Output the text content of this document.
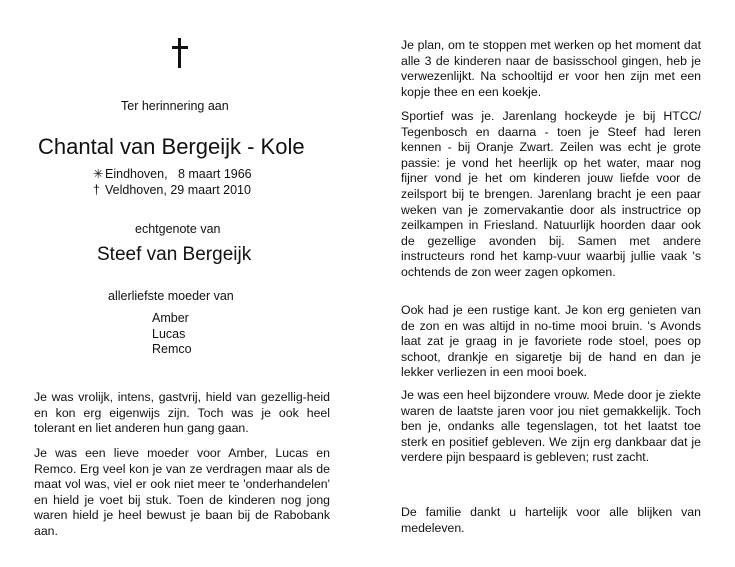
Ter herinnering aan
Chantal van Bergeijk - Kole
✳ Eindhoven,   8 maart 1966
† Veldhoven, 29 maart 2010
echtgenote van
Steef van Bergeijk
allerliefste moeder van
Amber
Lucas
Remco
Je was vrolijk, intens, gastvrij, hield van gezellig-heid en kon erg eigenwijs zijn. Toch was je ook heel tolerant en liet anderen hun gang gaan.
Je was een lieve moeder voor Amber, Lucas en Remco. Erg veel kon je van ze verdragen maar als de maat vol was, viel er ook niet meer te 'onderhandelen' en hield je voet bij stuk. Toen de kinderen nog jong waren hield je heel bewust je baan bij de Rabobank aan.
Je plan, om te stoppen met werken op het moment dat alle 3 de kinderen naar de basisschool gingen, heb je verwezenlijkt. Na schooltijd er voor hen zijn met een kopje thee en een koekje.
Sportief was je. Jarenlang hockeyde je bij HTCC/ Tegenbosch en daarna - toen je Steef had leren kennen - bij Oranje Zwart. Zeilen was echt je grote passie: je vond het heerlijk op het water, maar nog fijner vond je het om kinderen jouw liefde voor de zeilsport bij te brengen. Jarenlang bracht je een paar weken van je zomervakantie door als instructrice op zeilkampen in Friesland. Natuurlijk hoorden daar ook de gezellige avonden bij. Samen met andere instructeurs rond het kamp-vuur waarbij jullie vaak 's ochtends de zon weer zagen opkomen.
Ook had je een rustige kant. Je kon erg genieten van de zon en was altijd in no-time mooi bruin. 's Avonds laat zat je graag in je favoriete rode stoel, poes op schoot, drankje en sigaretje bij de hand en dan je lekker verliezen in een mooi boek.
Je was een heel bijzondere vrouw. Mede door je ziekte waren de laatste jaren voor jou niet gemakkelijk. Toch ben je, ondanks alle tegenslagen, tot het laatst toe sterk en positief gebleven. We zijn erg dankbaar dat je verdere pijn bespaard is gebleven; rust zacht.
De familie dankt u hartelijk voor alle blijken van medeleven.
